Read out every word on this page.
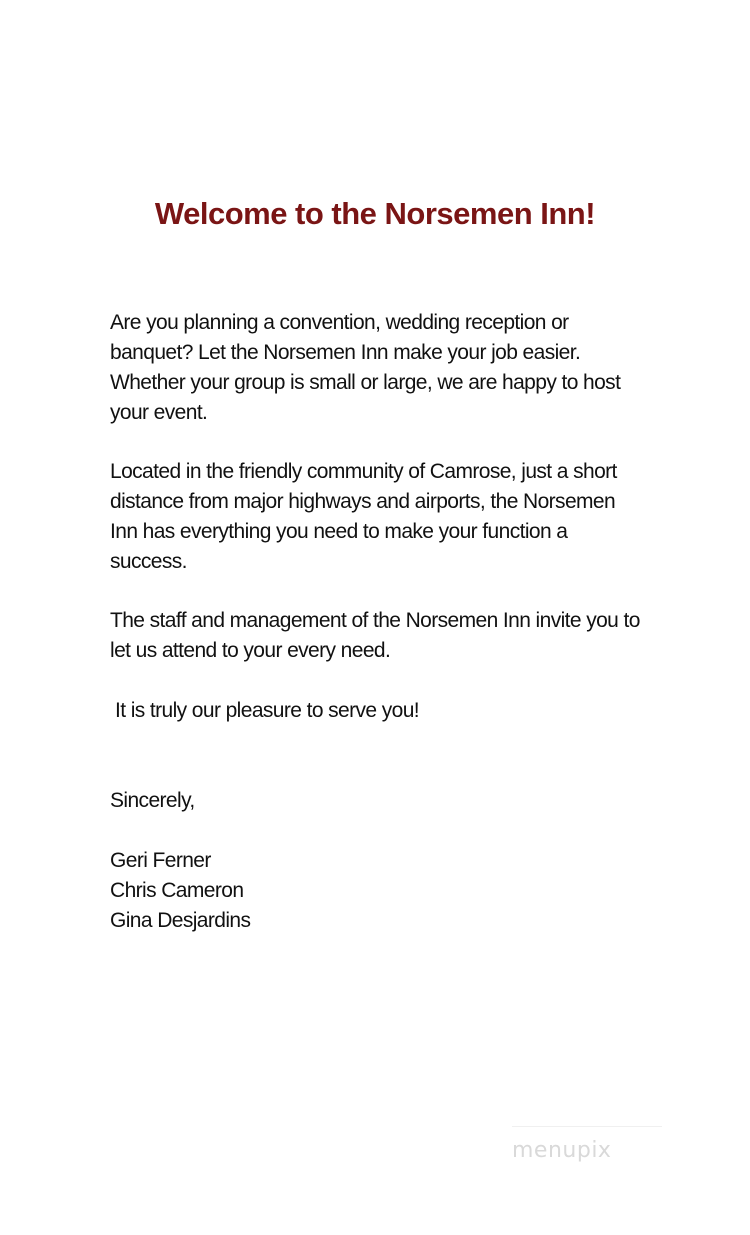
Welcome to the Norsemen Inn!

Are you planning a convention, wedding reception or banquet? Let the Norsemen Inn make your job easier. Whether your group is small or large, we are happy to host your event.

Located in the friendly community of Camrose, just a short distance from major highways and airports, the Norsemen Inn has everything you need to make your function a success.

The staff and management of the Norsemen Inn invite you to let us attend to your every need.

It is truly our pleasure to serve you!

Sincerely,

Geri Ferner
Chris Cameron
Gina Desjardins
menupix
